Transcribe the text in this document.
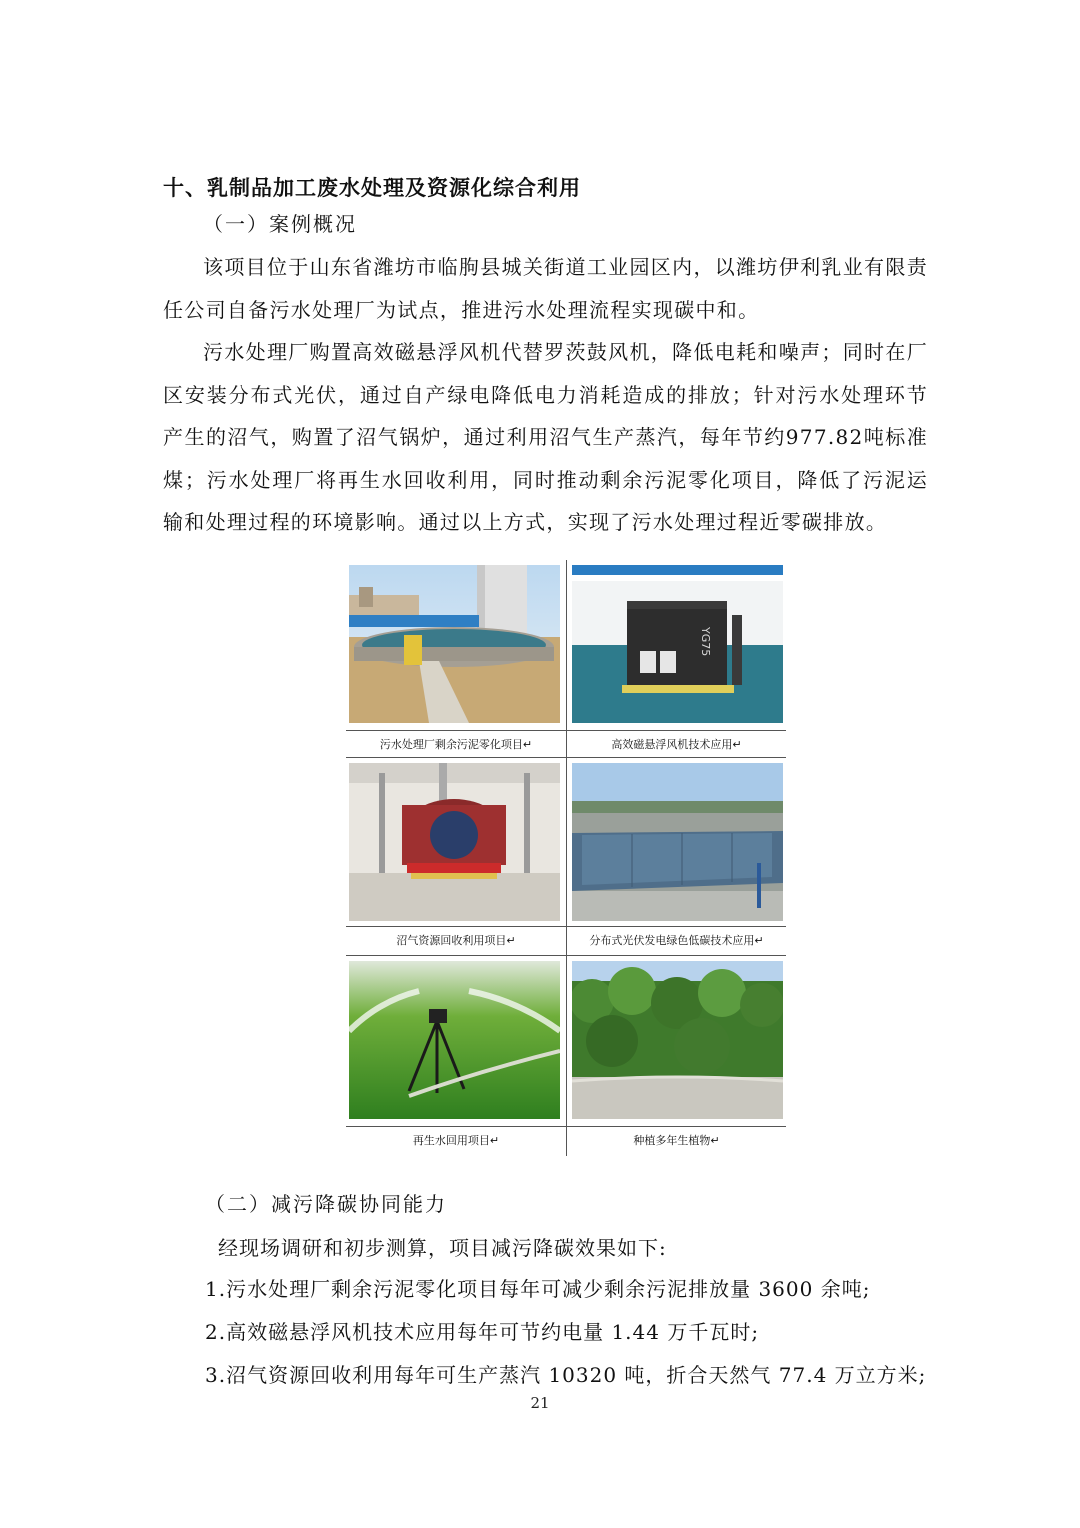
十、乳制品加工废水处理及资源化综合利用
（一）案例概况
该项目位于山东省潍坊市临朐县城关街道工业园区内，以潍坊伊利乳业有限责任公司自备污水处理厂为试点，推进污水处理流程实现碳中和。
污水处理厂购置高效磁悬浮风机代替罗茨鼓风机，降低电耗和噪声；同时在厂区安装分布式光伏，通过自产绿电降低电力消耗造成的排放；针对污水处理环节产生的沼气，购置了沼气锅炉，通过利用沼气生产蒸汽，每年节约977.82吨标准煤；污水处理厂将再生水回收利用，同时推动剩余污泥零化项目，降低了污泥运输和处理过程的环境影响。通过以上方式，实现了污水处理过程近零碳排放。
YG75
污水处理厂剩余污泥零化项目↵	高效磁悬浮风机技术应用↵
沼气资源回收利用项目↵	分布式光伏发电绿色低碳技术应用↵
再生水回用项目↵	种植多年生植物↵
（二）减污降碳协同能力
经现场调研和初步测算，项目减污降碳效果如下:
1.污水处理厂剩余污泥零化项目每年可减少剩余污泥排放量 3600 余吨;
2.高效磁悬浮风机技术应用每年可节约电量 1.44 万千瓦时;
3.沼气资源回收利用每年可生产蒸汽 10320 吨，折合天然气 77.4 万立方米;
21
